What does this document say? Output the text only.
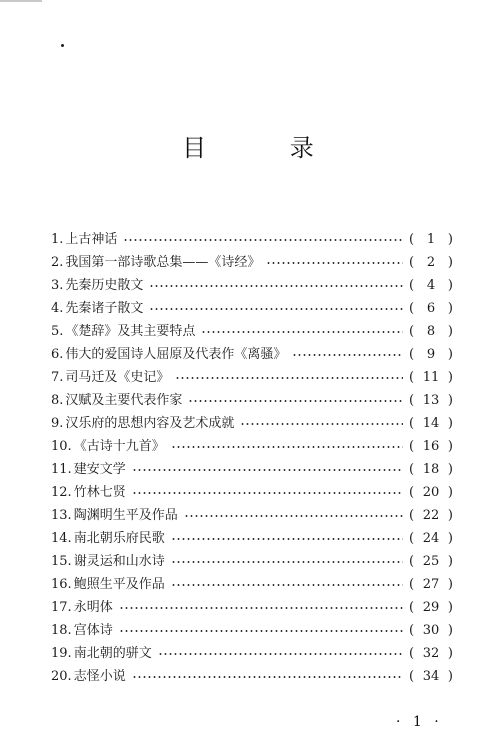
目 录
1. 上古神话	( 1 )
2. 我国第一部诗歌总集——《诗经》	( 2 )
3. 先秦历史散文	( 4 )
4. 先秦诸子散文	( 6 )
5. 《楚辞》及其主要特点	( 8 )
6. 伟大的爱国诗人屈原及代表作《离骚》	( 9 )
7. 司马迁及《史记》	( 11 )
8. 汉赋及主要代表作家	( 13 )
9. 汉乐府的思想内容及艺术成就	( 14 )
10. 《古诗十九首》	( 16 )
11. 建安文学	( 18 )
12. 竹林七贤	( 20 )
13. 陶渊明生平及作品	( 22 )
14. 南北朝乐府民歌	( 24 )
15. 谢灵运和山水诗	( 25 )
16. 鲍照生平及作品	( 27 )
17. 永明体	( 29 )
18. 宫体诗	( 30 )
19. 南北朝的骈文	( 32 )
20. 志怪小说	( 34 )
· 1 ·
